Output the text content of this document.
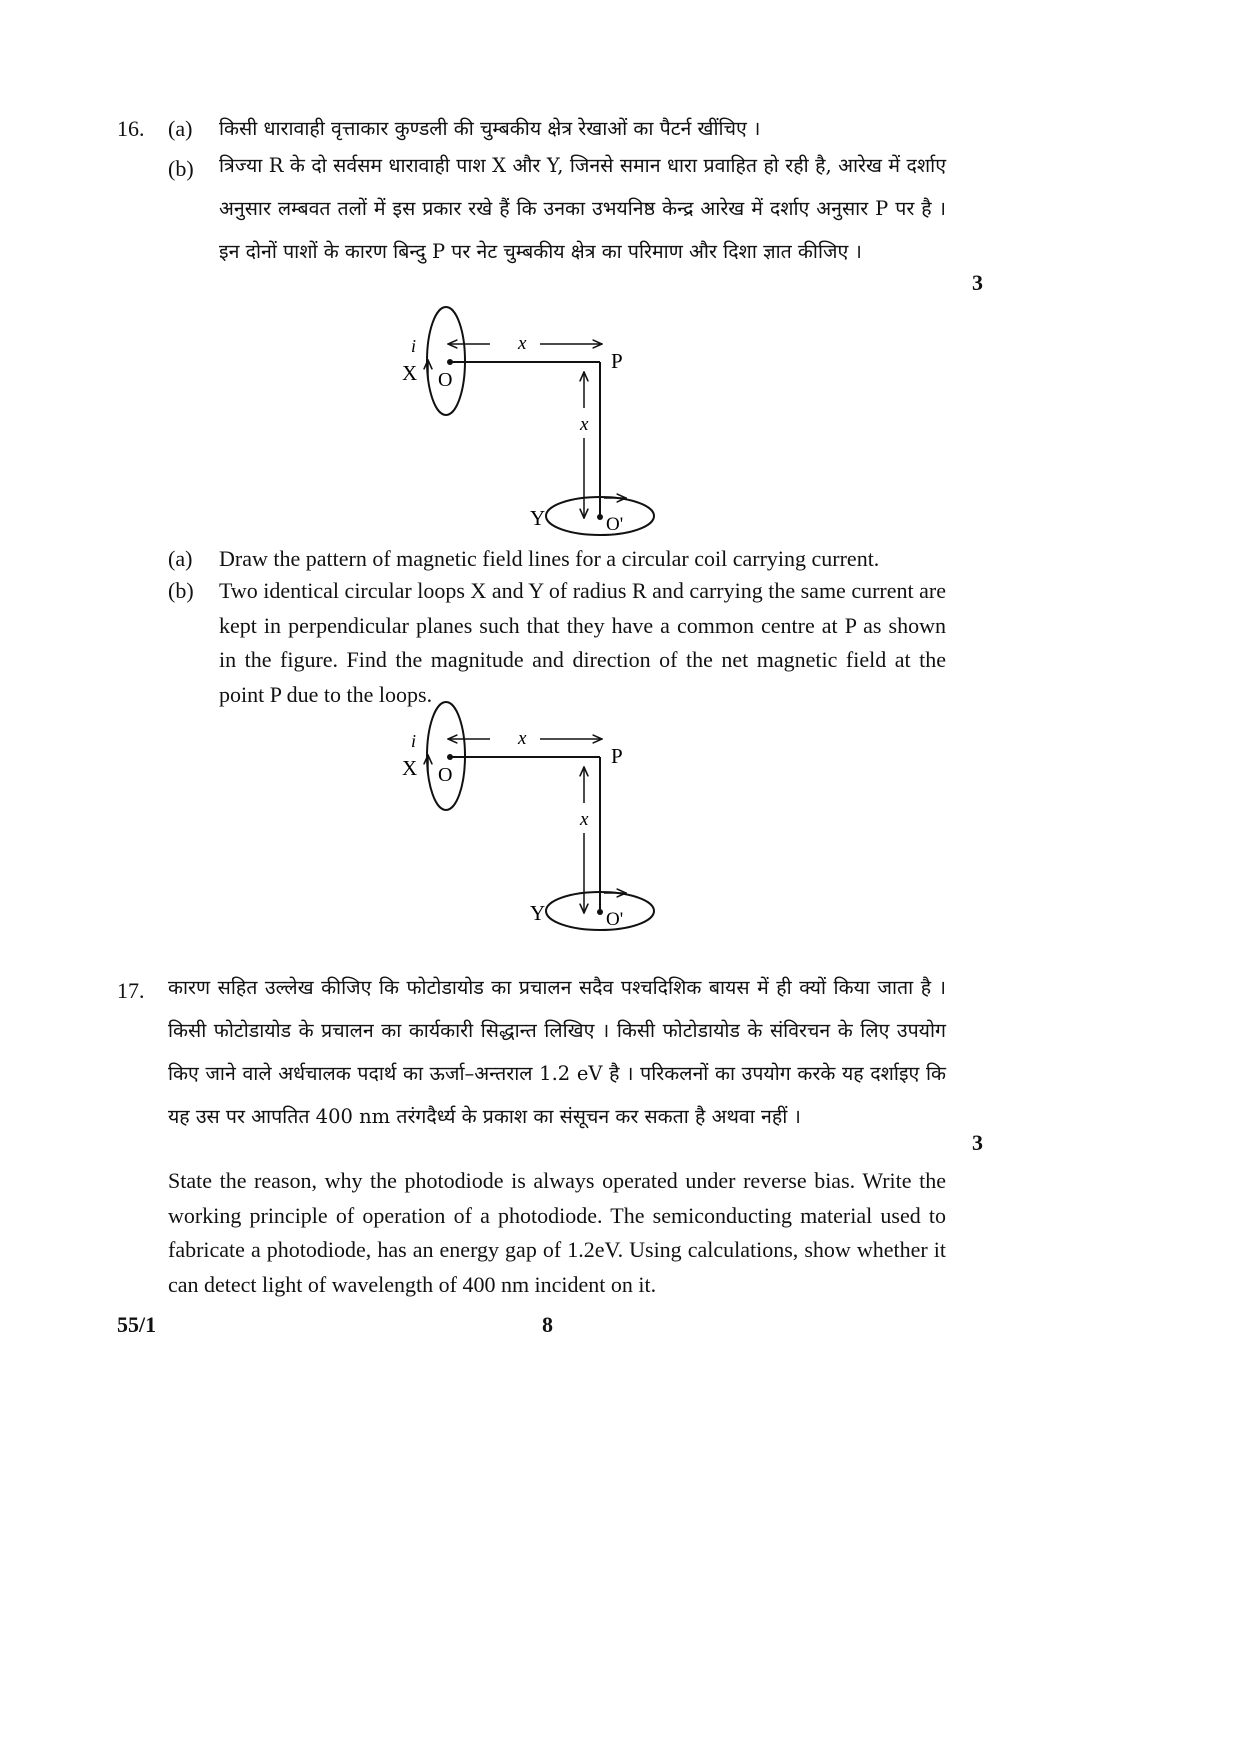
16. (a) किसी धारावाही वृत्ताकार कुण्डली की चुम्बकीय क्षेत्र रेखाओं का पैटर्न खींचिए ।
(b) त्रिज्या R के दो सर्वसम धारावाही पाश X और Y, जिनसे समान धारा प्रवाहित हो रही है, आरेख में दर्शाए अनुसार लम्बवत तलों में इस प्रकार रखे हैं कि उनका उभयनिष्ठ केन्द्र आरेख में दर्शाए अनुसार P पर है । इन दोनों पाशों के कारण बिन्दु P पर नेट चुम्बकीय क्षेत्र का परिमाण और दिशा ज्ञात कीजिए ।
3
i	x
x
X O
P
Y	O'
(a) Draw the pattern of magnetic field lines for a circular coil carrying current.
(b) Two identical circular loops X and Y of radius R and carrying the same current are kept in perpendicular planes such that they have a common centre at P as shown in the figure. Find the magnitude and direction of the net magnetic field at the point P due to the loops.
i	x
x
X O
P
Y	O'
17. कारण सहित उल्लेख कीजिए कि फोटोडायोड का प्रचालन सदैव पश्चदिशिक बायस में ही क्यों किया जाता है । किसी फोटोडायोड के प्रचालन का कार्यकारी सिद्धान्त लिखिए । किसी फोटोडायोड के संविरचन के लिए उपयोग किए जाने वाले अर्धचालक पदार्थ का ऊर्जा–अन्तराल 1.2 eV है । परिकलनों का उपयोग करके यह दर्शाइए कि यह उस पर आपतित 400 nm तरंगदैर्ध्य के प्रकाश का संसूचन कर सकता है अथवा नहीं ।
3
State the reason, why the photodiode is always operated under reverse bias. Write the working principle of operation of a photodiode. The semiconducting material used to fabricate a photodiode, has an energy gap of 1.2eV. Using calculations, show whether it can detect light of wavelength of 400 nm incident on it.
55/1	8
